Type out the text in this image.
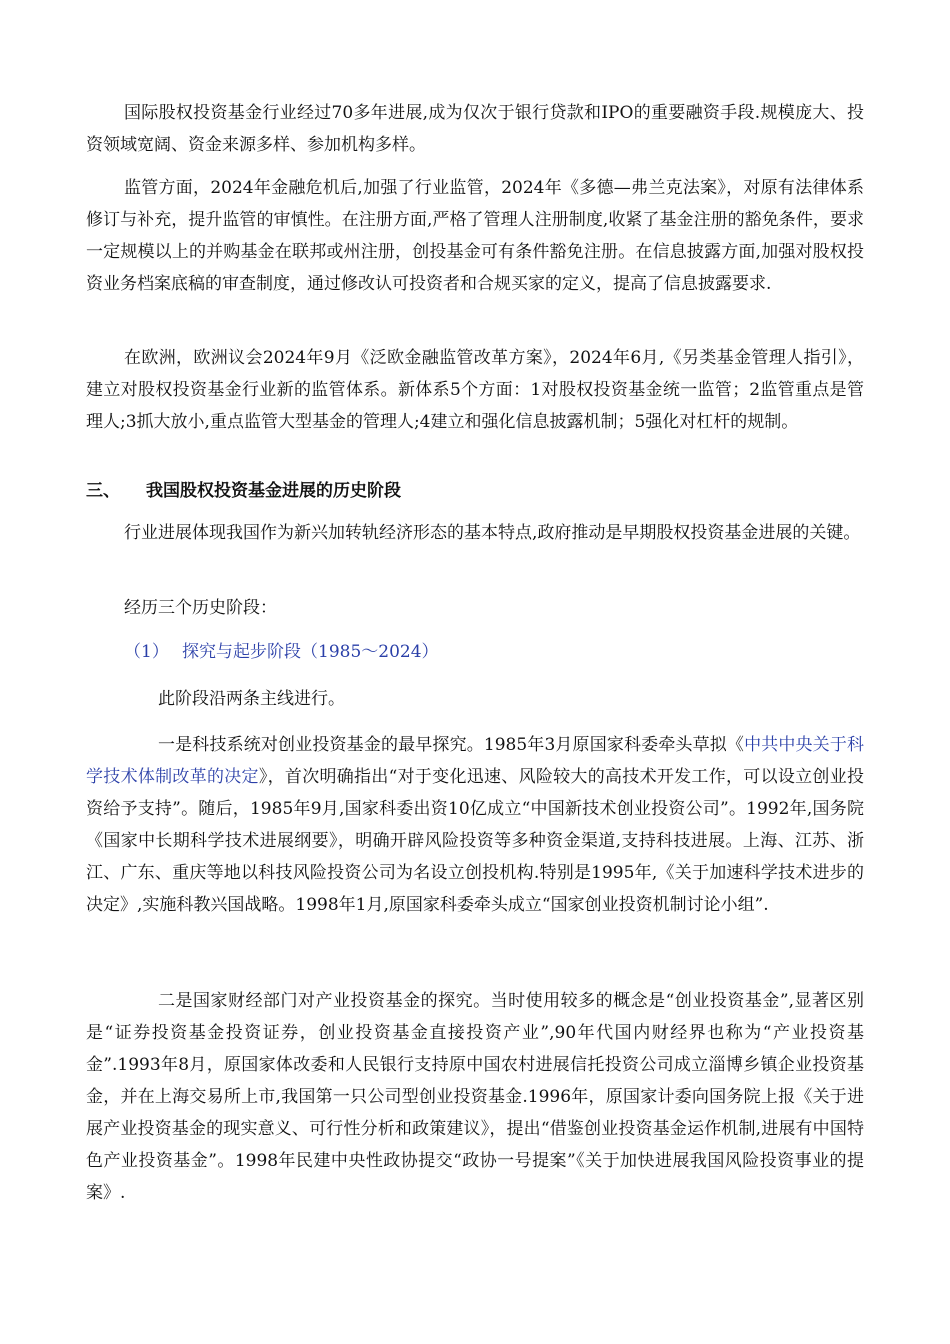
国际股权投资基金行业经过70多年进展,成为仅次于银行贷款和IPO的重要融资手段.规模庞大、投资领域宽阔、资金来源多样、参加机构多样。

监管方面，2024年金融危机后,加强了行业监管，2024年《多德—弗兰克法案》，对原有法律体系修订与补充，提升监管的审慎性。在注册方面,严格了管理人注册制度,收紧了基金注册的豁免条件，要求一定规模以上的并购基金在联邦或州注册，创投基金可有条件豁免注册。在信息披露方面,加强对股权投资业务档案底稿的审查制度，通过修改认可投资者和合规买家的定义，提高了信息披露要求.

在欧洲，欧洲议会2024年9月《泛欧金融监管改革方案》，2024年6月,《另类基金管理人指引》，建立对股权投资基金行业新的监管体系。新体系5个方面：1对股权投资基金统一监管；2监管重点是管理人;3抓大放小,重点监管大型基金的管理人;4建立和强化信息披露机制；5强化对杠杆的规制。

三、 我国股权投资基金进展的历史阶段

行业进展体现我国作为新兴加转轨经济形态的基本特点,政府推动是早期股权投资基金进展的关键。

经历三个历史阶段：

（1） 探究与起步阶段（1985～2024）

此阶段沿两条主线进行。

一是科技系统对创业投资基金的最早探究。1985年3月原国家科委牵头草拟《中共中央关于科学技术体制改革的决定》，首次明确指出“对于变化迅速、风险较大的高技术开发工作，可以设立创业投资给予支持”。随后，1985年9月,国家科委出资10亿成立“中国新技术创业投资公司”。1992年,国务院《国家中长期科学技术进展纲要》，明确开辟风险投资等多种资金渠道,支持科技进展。上海、江苏、浙江、广东、重庆等地以科技风险投资公司为名设立创投机构.特别是1995年,《关于加速科学技术进步的决定》,实施科教兴国战略。1998年1月,原国家科委牵头成立“国家创业投资机制讨论小组”.

二是国家财经部门对产业投资基金的探究。当时使用较多的概念是“创业投资基金”,显著区别是“证券投资基金投资证券，创业投资基金直接投资产业”,90年代国内财经界也称为“产业投资基金”.1993年8月，原国家体改委和人民银行支持原中国农村进展信托投资公司成立淄博乡镇企业投资基金，并在上海交易所上市,我国第一只公司型创业投资基金.1996年，原国家计委向国务院上报《关于进展产业投资基金的现实意义、可行性分析和政策建议》，提出“借鉴创业投资基金运作机制,进展有中国特色产业投资基金”。1998年民建中央性政协提交“政协一号提案”《关于加快进展我国风险投资事业的提案》.
